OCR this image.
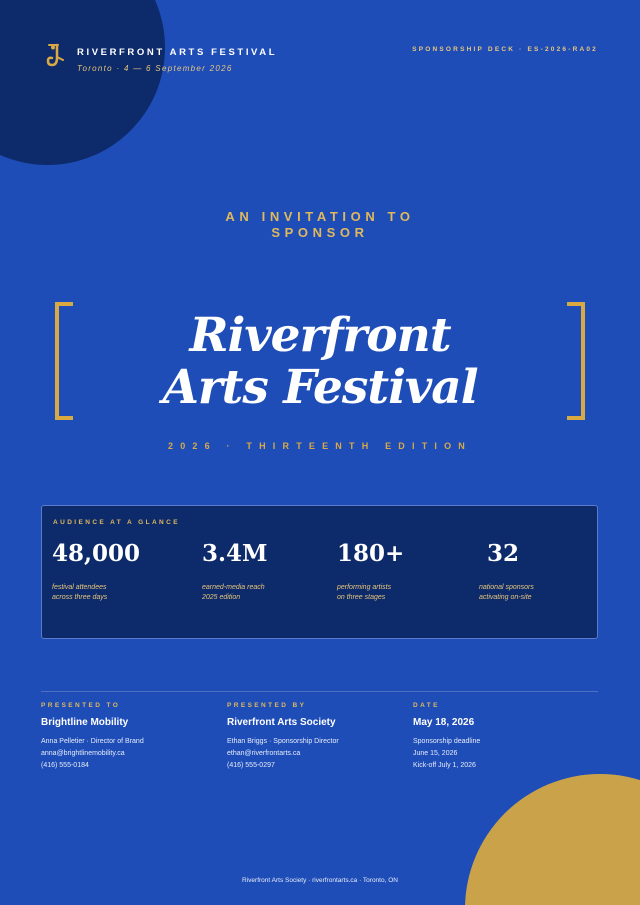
RIVERFRONT ARTS FESTIVAL
Toronto · 4 — 6 September 2026
SPONSORSHIP DECK · ES-2026-RA02
AN INVITATION TO
SPONSOR
Riverfront
Arts Festival
2026 · THIRTEENTH EDITION
AUDIENCE AT A GLANCE
48,000
festival attendees
across three days
3.4M
earned-media reach
2025 edition
180+
performing artists
on three stages
32
national sponsors
activating on-site
PRESENTED TO
Brightline Mobility
Anna Pelletier · Director of Brand
anna@brightlinemobility.ca
(416) 555-0184
PRESENTED BY
Riverfront Arts Society
Ethan Briggs · Sponsorship Director
ethan@riverfrontarts.ca
(416) 555-0297
DATE
May 18, 2026
Sponsorship deadline
June 15, 2026
Kick-off July 1, 2026
Riverfront Arts Society · riverfrontarts.ca · Toronto, ON
